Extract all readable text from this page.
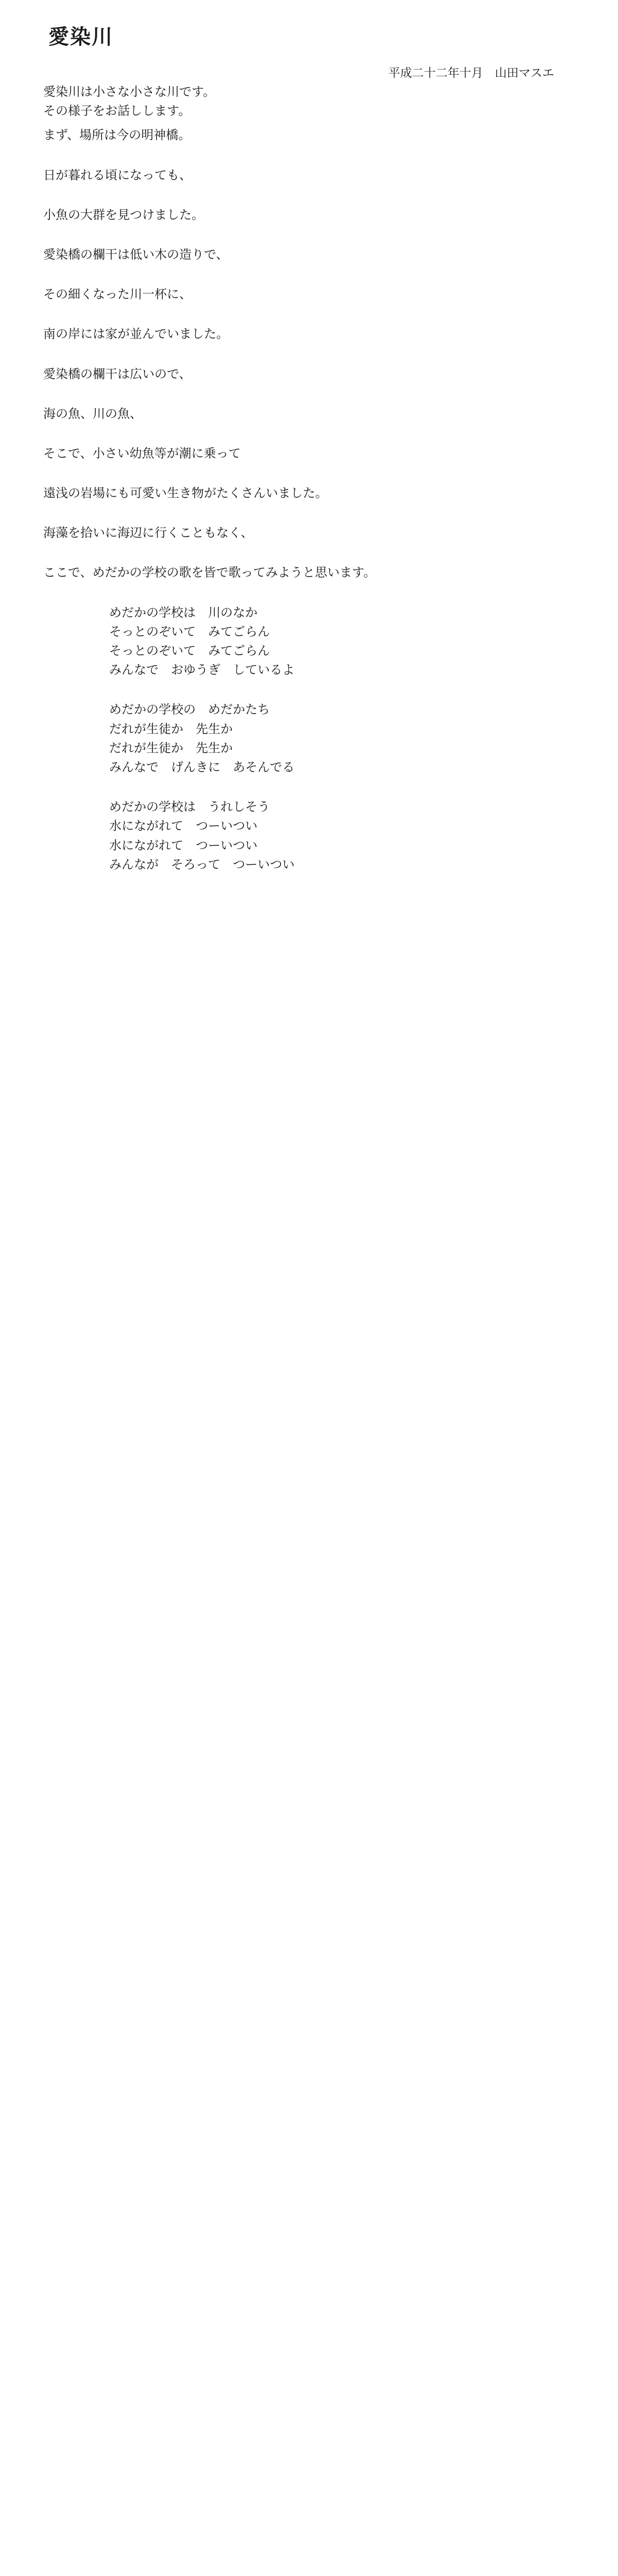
愛染川
平成二十二年十月　山田マスエ

愛染川は小さな小さな川です。

その様子をお話しします。

まず、場所は今の明神橋。

日が暮れる頃になっても、

小魚の大群を見つけました。

愛染橋の欄干は低い木の造りで、

その細くなった川一杯に、

南の岸には家が並んでいました。

愛染橋の欄干は広いので、

海の魚、川の魚、

そこで、小さい幼魚等が潮に乗って

遠浅の岩場にも可愛い生き物がたくさんいました。

海藻を拾いに海辺に行くこともなく、

ここで、めだかの学校の歌を皆で歌ってみようと思います。

めだかの学校は　川のなか
そっとのぞいて　みてごらん
そっとのぞいて　みてごらん
みんなで　おゆうぎ　しているよ
めだかの学校の　めだかたち
だれが生徒か　先生か
だれが生徒か　先生か
みんなで　げんきに　あそんでる
めだかの学校は　うれしそう
水にながれて　つーいつい
水にながれて　つーいつい
みんなが　そろって　つーいつい
